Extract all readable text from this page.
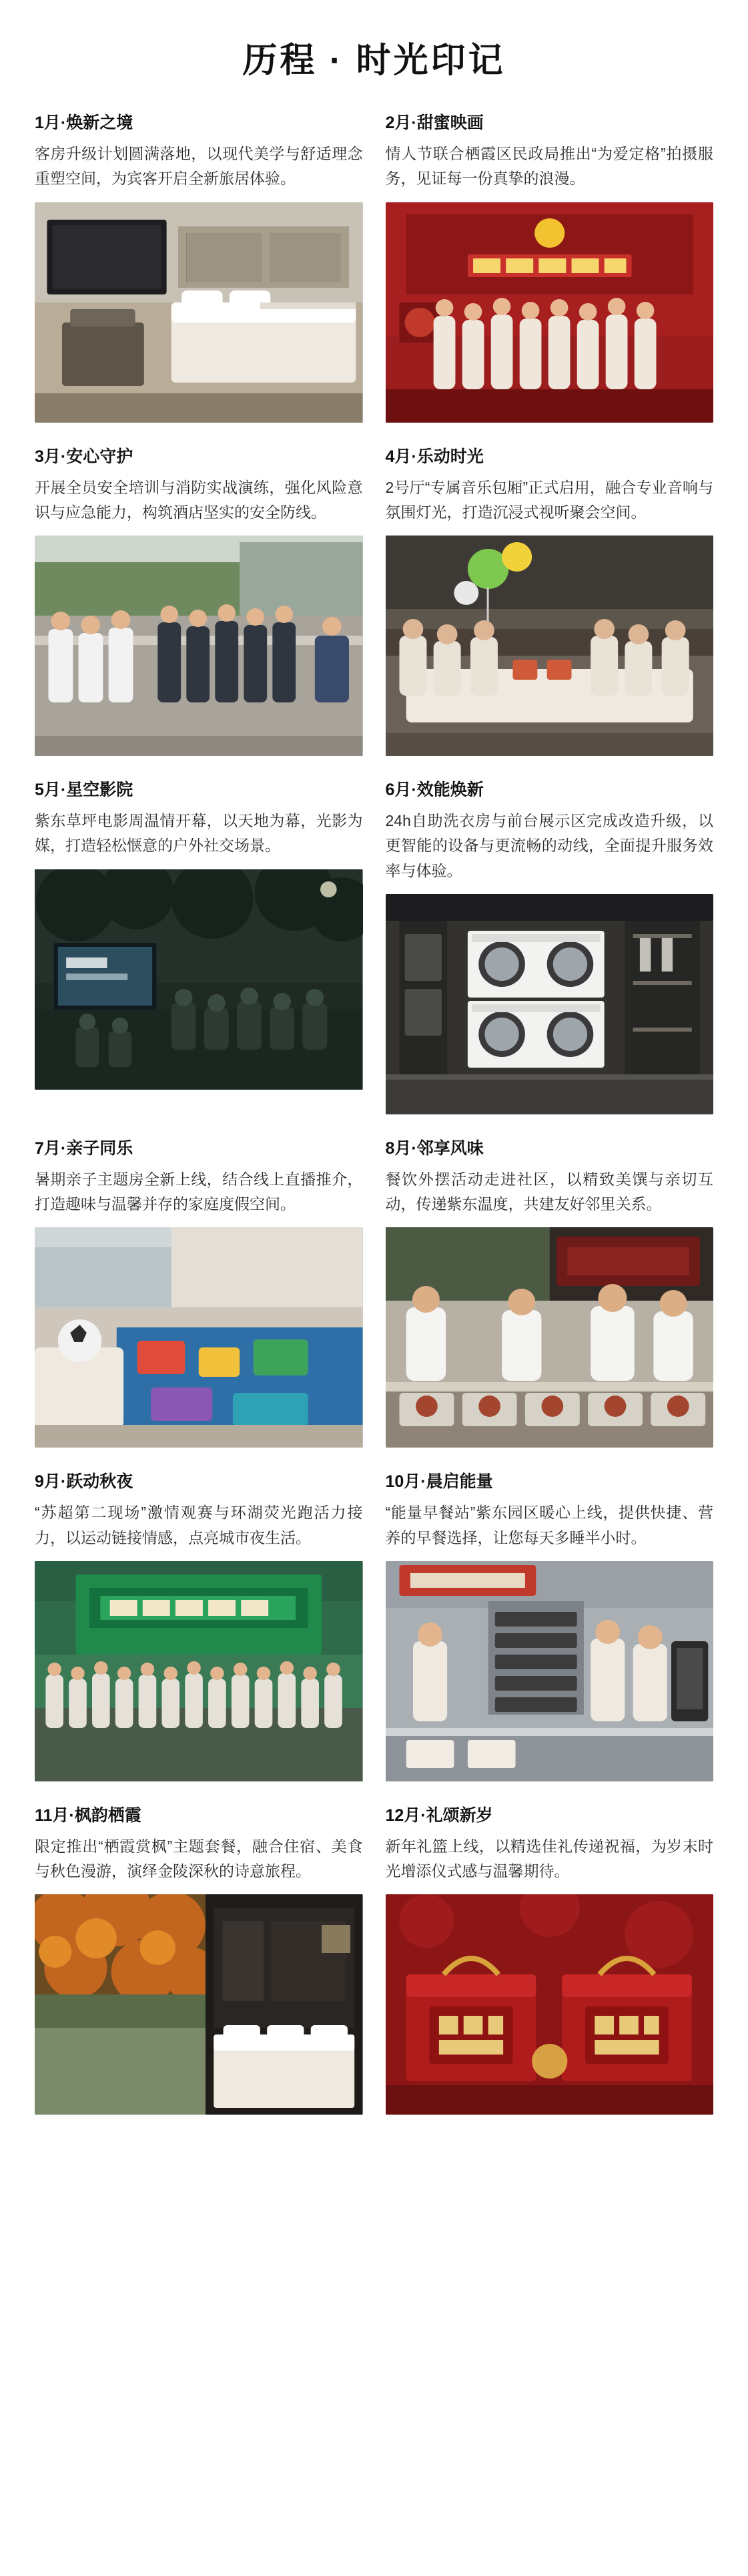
历程 · 时光印记
1月·焕新之境
客房升级计划圆满落地，以现代美学与舒适理念重塑空间，为宾客开启全新旅居体验。
2月·甜蜜映画
情人节联合栖霞区民政局推出“为爱定格”拍摄服务，见证每一份真挚的浪漫。
3月·安心守护
开展全员安全培训与消防实战演练，强化风险意识与应急能力，构筑酒店坚实的安全防线。
4月·乐动时光
2号厅“专属音乐包厢”正式启用，融合专业音响与氛围灯光，打造沉浸式视听聚会空间。
5月·星空影院
紫东草坪电影周温情开幕，以天地为幕，光影为媒，打造轻松惬意的户外社交场景。
6月·效能焕新
24h自助洗衣房与前台展示区完成改造升级，以更智能的设备与更流畅的动线，全面提升服务效率与体验。
7月·亲子同乐
暑期亲子主题房全新上线，结合线上直播推介，打造趣味与温馨并存的家庭度假空间。
8月·邻享风味
餐饮外摆活动走进社区，以精致美馔与亲切互动，传递紫东温度，共建友好邻里关系。
9月·跃动秋夜
“苏超第二现场”激情观赛与环湖荧光跑活力接力，以运动链接情感，点亮城市夜生活。
10月·晨启能量
“能量早餐站”紫东园区暖心上线，提供快捷、营养的早餐选择，让您每天多睡半小时。
11月·枫韵栖霞
限定推出“栖霞赏枫”主题套餐，融合住宿、美食与秋色漫游，演绎金陵深秋的诗意旅程。
12月·礼颂新岁
新年礼篮上线，以精选佳礼传递祝福，为岁末时光增添仪式感与温馨期待。
